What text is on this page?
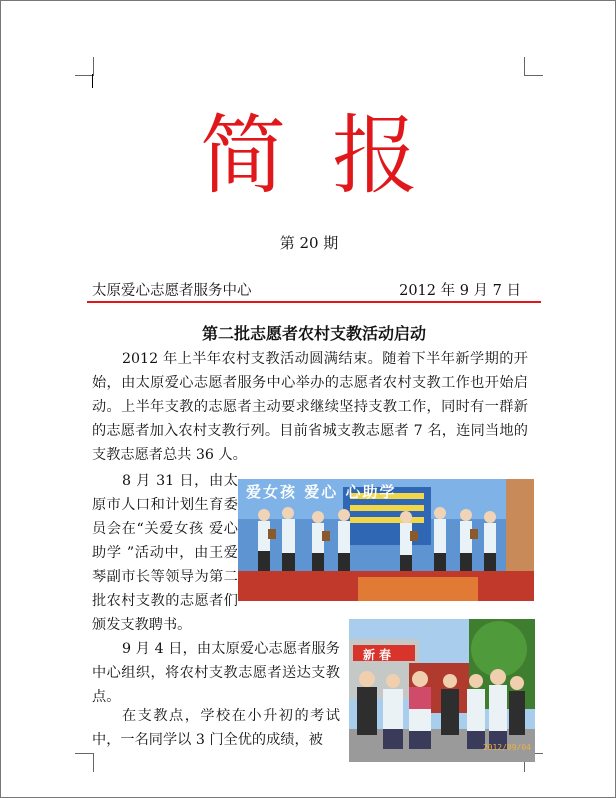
简报
第 20 期
太原爱心志愿者服务中心	2012 年 9 月 7 日
第二批志愿者农村支教活动启动
2012 年上半年农村支教活动圆满结束。随着下半年新学期的开始，由太原爱心志愿者服务中心举办的志愿者农村支教工作也开始启动。上半年支教的志愿者主动要求继续坚持支教工作，同时有一群新的志愿者加入农村支教行列。目前省城支教志愿者 7 名，连同当地的支教志愿者总共 36 人。
8 月 31 日，由太原市人口和计划生育委员会在“关爱女孩 爱心助学 ”活动中，由王爱琴副市长等领导为第二批农村支教的志愿者们颁发支教聘书。
9 月 4 日，由太原爱心志愿者服务中心组织，将农村支教志愿者送达支教点。
在支教点，学校在小升初的考试中，一名同学以 3 门全优的成绩，被
爱女孩 爱心 心助学
新春
2012/09/04
